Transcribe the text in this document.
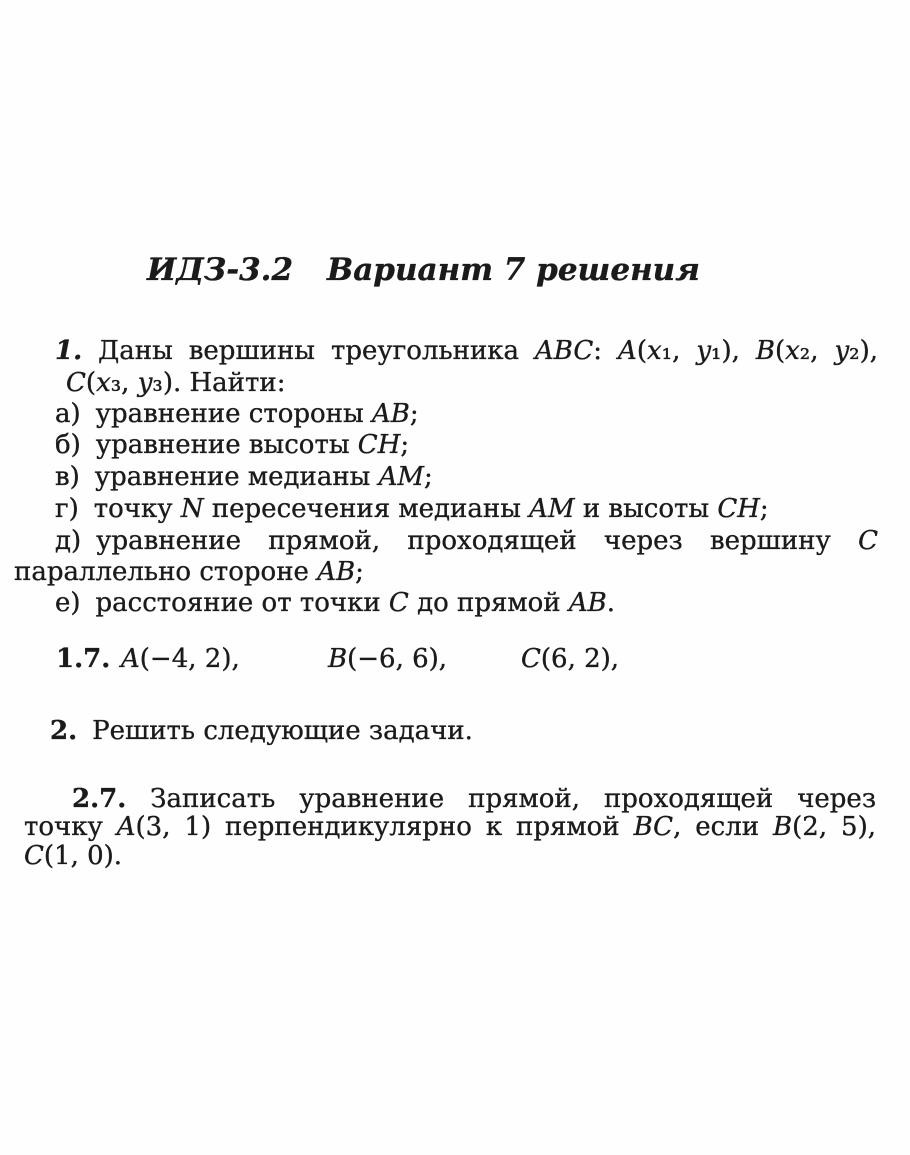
ИДЗ-3.2 Вариант 7 решения
1. Даны вершины треугольника ABC: A(x₁, y₁), B(x₂, y₂),
C(x₃, y₃). Найти:
а) уравнение стороны AB;
б) уравнение высоты CH;
в) уравнение медианы AM;
г) точку N пересечения медианы AM и высоты CH;
д) уравнение прямой, проходящей через вершину C
параллельно стороне AB;
е) расстояние от точки C до прямой AB.
1.7. A(−4, 2),	B(−6, 6),	C(6, 2),
2. Решить следующие задачи.
2.7. Записать уравнение прямой, проходящей через
точку A(3, 1) перпендикулярно к прямой BC, если B(2, 5),
C(1, 0).
